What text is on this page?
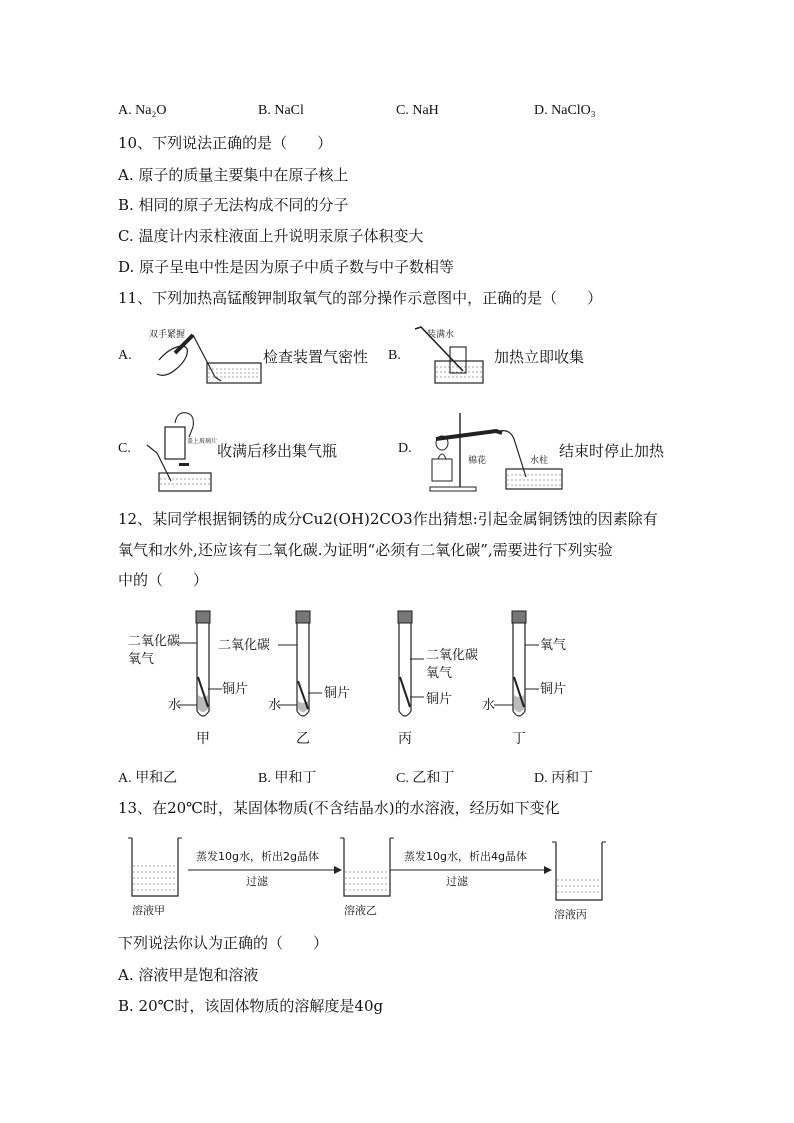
A. Na₂O	B. NaCl	C. NaH	D. NaClO₃
10、下列说法正确的是（　　）
A. 原子的质量主要集中在原子核上
B. 相同的原子无法构成不同的分子
C. 温度计内汞柱液面上升说明汞原子体积变大
D. 原子呈电中性是因为原子中质子数与中子数相等
11、下列加热高锰酸钾制取氧气的部分操作示意图中，正确的是（　　）
A.
双手紧握
检查装置气密性 B.
装满水
加热立即收集
C.	盖上玻璃片
收满后移出集气瓶	D.
棉花	水柱
结束时停止加热
12、某同学根据铜锈的成分Cu2(OH)2CO3作出猜想:引起金属铜锈蚀的因素除有
氧气和水外,还应该有二氧化碳.为证明“必须有二氧化碳”,需要进行下列实验
中的（　　）
二氧化碳
氧气
铜片
水
甲
二氧化碳
铜片
水
乙
二氧化碳
氧气
铜片
丙
氧气
铜片
水
丁
A. 甲和乙	B. 甲和丁	C. 乙和丁	D. 丙和丁
13、在20℃时，某固体物质(不含结晶水)的水溶液，经历如下变化
溶液甲
蒸发10g水，析出2g晶体
过滤
溶液乙
蒸发10g水，析出4g晶体
过滤
溶液丙
下列说法你认为正确的（　　）
A. 溶液甲是饱和溶液
B. 20℃时，该固体物质的溶解度是40g
